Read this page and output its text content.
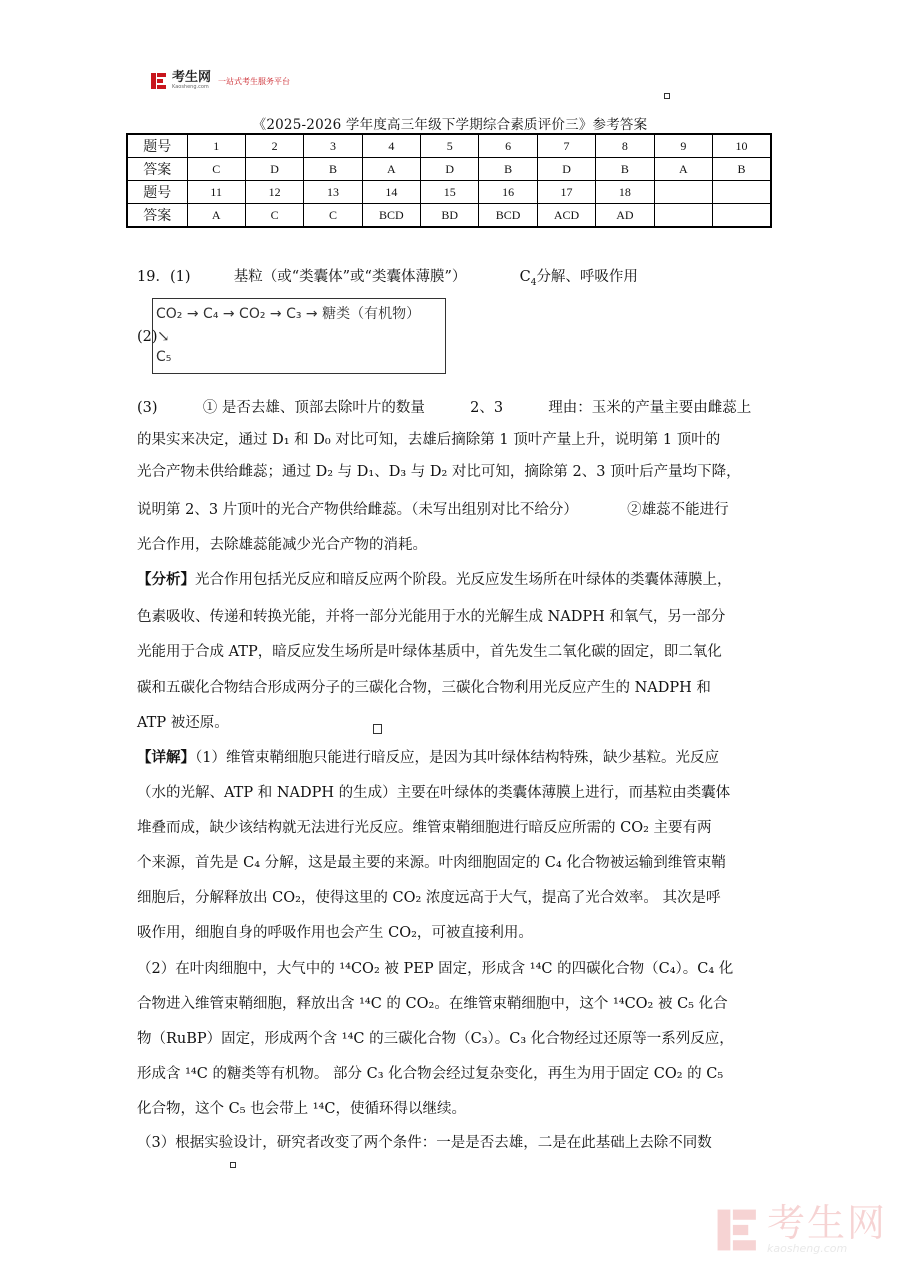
考生网
Kaosheng.com
一站式考生服务平台
《2025-2026 学年度高三年级下学期综合素质评价三》参考答案
题号	1	2	3	4	5	6	7	8	9	10
答案	C	D	B	A	D	B	D	B	A	B
题号	11	12	13	14	15	16	17	18		
答案	A	C	C	BCD	BD	BCD	ACD	AD		
19．(1)	基粒（或“类囊体”或“类囊体薄膜”）	$C_4$分解、呼吸作用
(2)
CO₂ → C₄ → CO₂ → C₃ → 糖类（有机物）
↘
C₅
(3)	① 是否去雄、顶部去除叶片的数量	2、3	理由：玉米的产量主要由雌蕊上
的果实来决定，通过 D₁ 和 D₀ 对比可知，去雄后摘除第 1 顶叶产量上升，说明第 1 顶叶的
光合产物未供给雌蕊；通过 D₂ 与 D₁、D₃ 与 D₂ 对比可知，摘除第 2、3 顶叶后产量均下降，
说明第 2、3 片顶叶的光合产物供给雌蕊。（未写出组别对比不给分）	②雄蕊不能进行
光合作用，去除雄蕊能减少光合产物的消耗。
【分析】光合作用包括光反应和暗反应两个阶段。光反应发生场所在叶绿体的类囊体薄膜上，
色素吸收、传递和转换光能，并将一部分光能用于水的光解生成 NADPH 和氧气，另一部分
光能用于合成 ATP，暗反应发生场所是叶绿体基质中，首先发生二氧化碳的固定，即二氧化
碳和五碳化合物结合形成两分子的三碳化合物，三碳化合物利用光反应产生的 NADPH 和
ATP 被还原。
【详解】（1）维管束鞘细胞只能进行暗反应，是因为其叶绿体结构特殊，缺少基粒。光反应
（水的光解、ATP 和 NADPH 的生成）主要在叶绿体的类囊体薄膜上进行，而基粒由类囊体
堆叠而成，缺少该结构就无法进行光反应。维管束鞘细胞进行暗反应所需的 CO₂ 主要有两
个来源，首先是 C₄ 分解，这是最主要的来源。叶肉细胞固定的 C₄ 化合物被运输到维管束鞘
细胞后，分解释放出 CO₂，使得这里的 CO₂ 浓度远高于大气，提高了光合效率。 其次是呼
吸作用，细胞自身的呼吸作用也会产生 CO₂，可被直接利用。
（2）在叶肉细胞中，大气中的 ¹⁴CO₂ 被 PEP 固定，形成含 ¹⁴C 的四碳化合物（C₄）。C₄ 化
合物进入维管束鞘细胞，释放出含 ¹⁴C 的 CO₂。在维管束鞘细胞中，这个 ¹⁴CO₂ 被 C₅ 化合
物（RuBP）固定，形成两个含 ¹⁴C 的三碳化合物（C₃）。C₃ 化合物经过还原等一系列反应，
形成含 ¹⁴C 的糖类等有机物。 部分 C₃ 化合物会经过复杂变化，再生为用于固定 CO₂ 的 C₅
化合物，这个 C₅ 也会带上 ¹⁴C，使循环得以继续。
（3）根据实验设计，研究者改变了两个条件：一是是否去雄，二是在此基础上去除不同数
考生网
kaosheng.com
